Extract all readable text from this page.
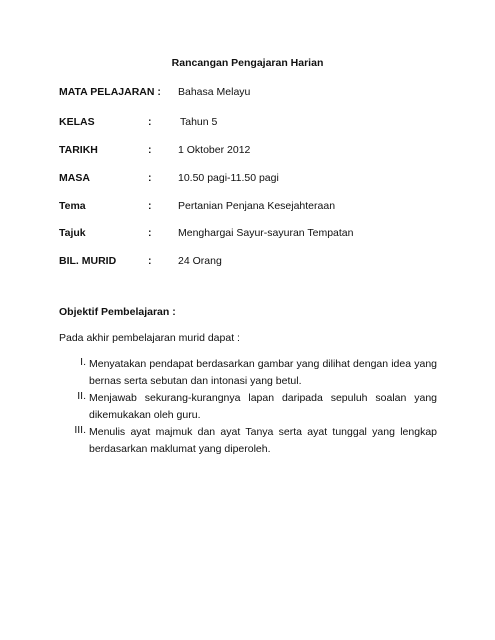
Rancangan Pengajaran Harian
MATA PELAJARAN : Bahasa Melayu
KELAS	:	Tahun 5
TARIKH	:	1 Oktober 2012
MASA	:	10.50 pagi-11.50 pagi
Tema	:	Pertanian Penjana Kesejahteraan
Tajuk	:	Menghargai Sayur-sayuran Tempatan
BIL. MURID	:	24 Orang
Objektif Pembelajaran :
Pada akhir pembelajaran murid dapat :
I. Menyatakan pendapat berdasarkan gambar yang dilihat dengan idea yang bernas serta sebutan dan intonasi yang betul.
II. Menjawab sekurang-kurangnya lapan daripada sepuluh soalan yang dikemukakan oleh guru.
III. Menulis ayat majmuk dan ayat Tanya serta ayat tunggal yang lengkap berdasarkan maklumat yang diperoleh.
